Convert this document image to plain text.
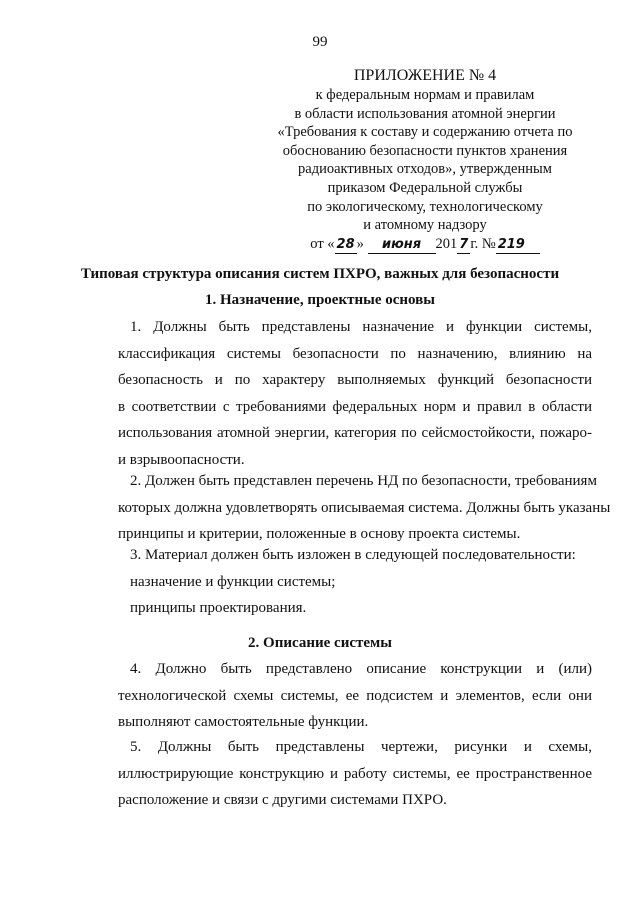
99
ПРИЛОЖЕНИЕ № 4
к федеральным нормам и правилам
в области использования атомной энергии
«Требования к составу и содержанию отчета по
обоснованию безопасности пунктов хранения
радиоактивных отходов», утвержденным
приказом Федеральной службы
по экологическому, технологическому
и атомному надзору
от « 28 » июня 201 7 г. № 219
Типовая структура описания систем ПХРО, важных для безопасности
1. Назначение, проектные основы
1. Должны быть представлены назначение и функции системы,
классификация системы безопасности по назначению, влиянию на
безопасность и по характеру выполняемых функций безопасности
в соответствии с требованиями федеральных норм и правил в области
использования атомной энергии, категория по сейсмостойкости, пожаро-
и взрывоопасности.
2. Должен быть представлен перечень НД по безопасности, требованиям
которых должна удовлетворять описываемая система. Должны быть указаны
принципы и критерии, положенные в основу проекта системы.
3. Материал должен быть изложен в следующей последовательности:
назначение и функции системы;
принципы проектирования.
2. Описание системы
4. Должно быть представлено описание конструкции и (или)
технологической схемы системы, ее подсистем и элементов, если они
выполняют самостоятельные функции.
5. Должны быть представлены чертежи, рисунки и схемы,
иллюстрирующие конструкцию и работу системы, ее пространственное
расположение и связи с другими системами ПХРО.
